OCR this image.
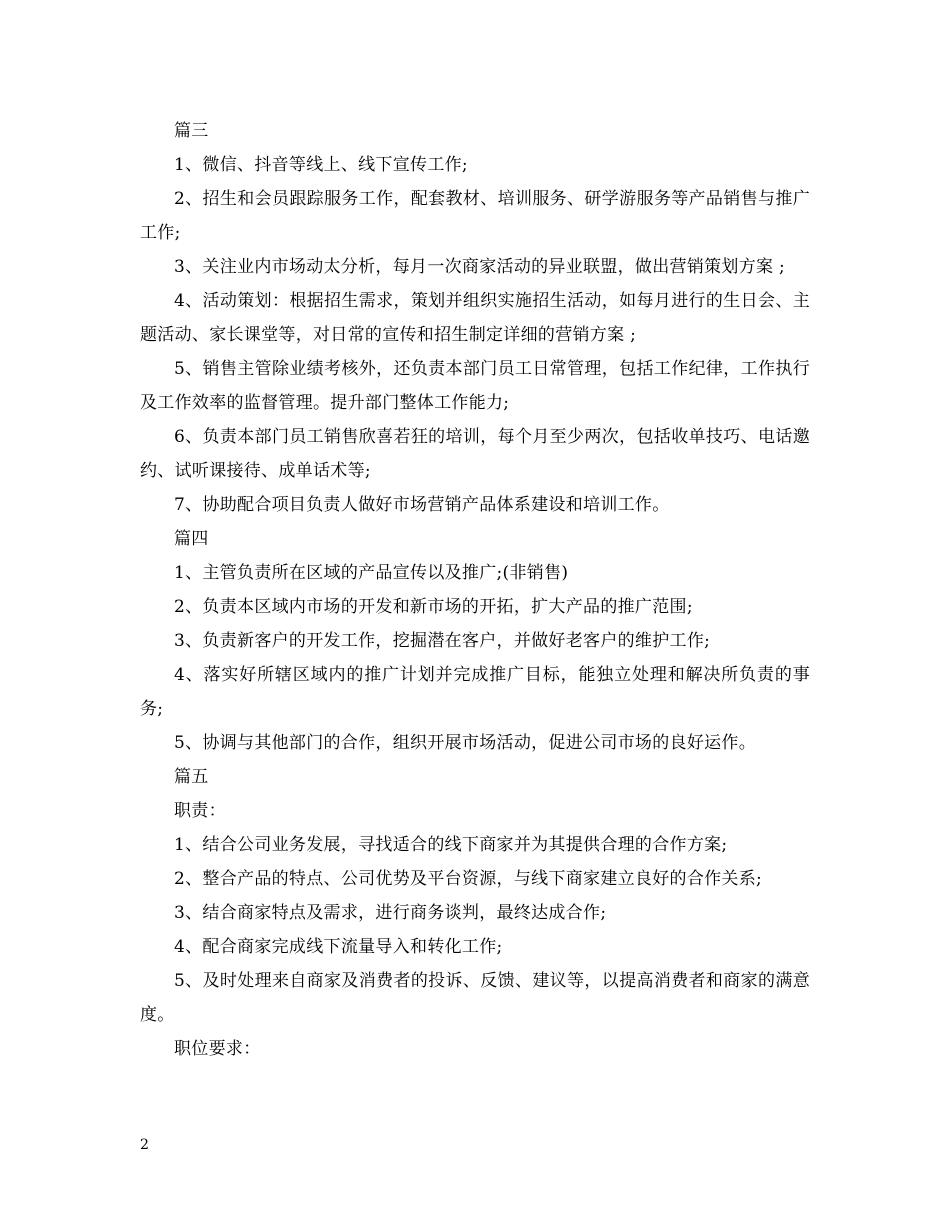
篇三

1、微信、抖音等线上、线下宣传工作;

2、招生和会员跟踪服务工作，配套教材、培训服务、研学游服务等产品销售与推广工作;

3、关注业内市场动太分析，每月一次商家活动的异业联盟，做出营销策划方案 ;

4、活动策划：根据招生需求，策划并组织实施招生活动，如每月进行的生日会、主题活动、家长课堂等，对日常的宣传和招生制定详细的营销方案 ;

5、销售主管除业绩考核外，还负责本部门员工日常管理，包括工作纪律，工作执行及工作效率的监督管理。提升部门整体工作能力;

6、负责本部门员工销售欣喜若狂的培训，每个月至少两次，包括收单技巧、电话邀约、试听课接待、成单话术等;

7、协助配合项目负责人做好市场营销产品体系建设和培训工作。

篇四

1、主管负责所在区域的产品宣传以及推广;(非销售)

2、负责本区域内市场的开发和新市场的开拓，扩大产品的推广范围;

3、负责新客户的开发工作，挖掘潜在客户，并做好老客户的维护工作;

4、落实好所辖区域内的推广计划并完成推广目标，能独立处理和解决所负责的事务;

5、协调与其他部门的合作，组织开展市场活动，促进公司市场的良好运作。

篇五

职责：

1、结合公司业务发展，寻找适合的线下商家并为其提供合理的合作方案;

2、整合产品的特点、公司优势及平台资源，与线下商家建立良好的合作关系;

3、结合商家特点及需求，进行商务谈判，最终达成合作;

4、配合商家完成线下流量导入和转化工作;

5、及时处理来自商家及消费者的投诉、反馈、建议等，以提高消费者和商家的满意度。

职位要求：

2
